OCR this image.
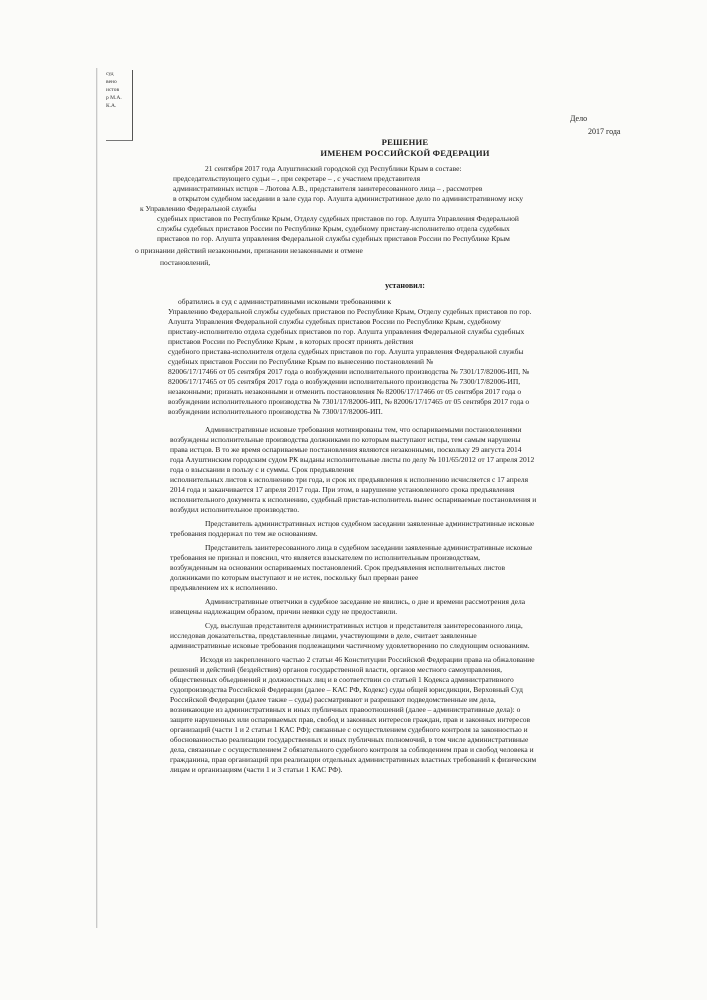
суд
вено
истов
р М.А.
К.А.
Дело
2017 года
РЕШЕНИЕ
ИМЕНЕМ РОССИЙСКОЙ ФЕДЕРАЦИИ
21 сентября 2017 года Алуштинский городской суд Республики Крым в составе:
председательствующего судьи – , при секретаре – , с участием представителя
административных истцов – Лютова А.В., представителя заинтересованного лица – , рассмотрев
в открытом судебном заседании в зале суда гор. Алушта административное дело по административному иску
к Управлению Федеральной службы
судебных приставов по Республике Крым, Отделу судебных приставов по гор. Алушта Управления Федеральной
службы судебных приставов России по Республике Крым, судебному приставу-исполнителю отдела судебных
приставов по гор. Алушта управления Федеральной службы судебных приставов России по Республике Крым
о признании действий незаконными, признании незаконными и отмене
постановлений,
установил:
обратились в суд с административными исковыми требованиями к
Управлению Федеральной службы судебных приставов по Республике Крым, Отделу судебных приставов по гор.
Алушта Управления Федеральной службы судебных приставов России по Республике Крым, судебному
приставу-исполнителю отдела судебных приставов по гор. Алушта управления Федеральной службы судебных
приставов России по Республике Крым , в которых просят принять действия
судебного пристава-исполнителя отдела судебных приставов по гор. Алушта управления Федеральной службы
судебных приставов России по Республике Крым по вынесению постановлений №
82006/17/17466 от 05 сентября 2017 года о возбуждении исполнительного производства № 7301/17/82006-ИП, №
82006/17/17465 от 05 сентября 2017 года о возбуждении исполнительного производства № 7300/17/82006-ИП,
незаконными; признать незаконными и отменить постановления № 82006/17/17466 от 05 сентября 2017 года о
возбуждении исполнительного производства № 7301/17/82006-ИП, № 82006/17/17465 от 05 сентября 2017 года о
возбуждении исполнительного производства № 7300/17/82006-ИП.
Административные исковые требования мотивированы тем, что оспариваемыми постановлениями
возбуждены исполнительные производства должниками по которым выступают истцы, тем самым нарушены
права истцов. В то же время оспариваемые постановления являются незаконными, поскольку 29 августа 2014
года Алуштинским городским судом РК выданы исполнительные листы по делу № 101/65/2012 от 17 апреля 2012
года о взыскании в пользу с и суммы. Срок предъявления
исполнительных листов к исполнению три года, и срок их предъявления к исполнению исчисляется с 17 апреля
2014 года и заканчивается 17 апреля 2017 года. При этом, в нарушение установленного срока предъявления
исполнительного документа к исполнению, судебный пристав-исполнитель вынес оспариваемые постановления и
возбудил исполнительное производство.
Представитель административных истцов судебном заседании заявленные административные исковые
требования поддержал по тем же основаниям.
Представитель заинтересованного лица в судебном заседании заявленные административные исковые
требования не признал и пояснил, что является взыскателем по исполнительным производствам,
возбужденным на основании оспариваемых постановлений. Срок предъявления исполнительных листов
должниками по которым выступают и не истек, поскольку был прерван ранее
предъявлением их к исполнению.
Административные ответчики в судебное заседание не явились, о дне и времени рассмотрения дела
извещены надлежащим образом, причин неявки суду не предоставили.
Суд, выслушав представителя административных истцов и представителя заинтересованного лица,
исследовав доказательства, представленные лицами, участвующими в деле, считает заявленные
административные исковые требования подлежащими частичному удовлетворению по следующим основаниям.
Исходя из закрепленного частью 2 статьи 46 Конституции Российской Федерации права на обжалование
решений и действий (бездействия) органов государственной власти, органов местного самоуправления,
общественных объединений и должностных лиц и в соответствии со статьей 1 Кодекса административного
судопроизводства Российской Федерации (далее – КАС РФ, Кодекс) суды общей юрисдикции, Верховный Суд
Российской Федерации (далее также – суды) рассматривают и разрешают подведомственные им дела,
возникающие из административных и иных публичных правоотношений (далее – административные дела): о
защите нарушенных или оспариваемых прав, свобод и законных интересов граждан, прав и законных интересов
организаций (части 1 и 2 статьи 1 КАС РФ); связанные с осуществлением судебного контроля за законностью и
обоснованностью реализации государственных и иных публичных полномочий, в том числе административные
дела, связанные с осуществлением 2 обязательного судебного контроля за соблюдением прав и свобод человека и
гражданина, прав организаций при реализации отдельных административных властных требований к физическим
лицам и организациям (части 1 и 3 статьи 1 КАС РФ).
